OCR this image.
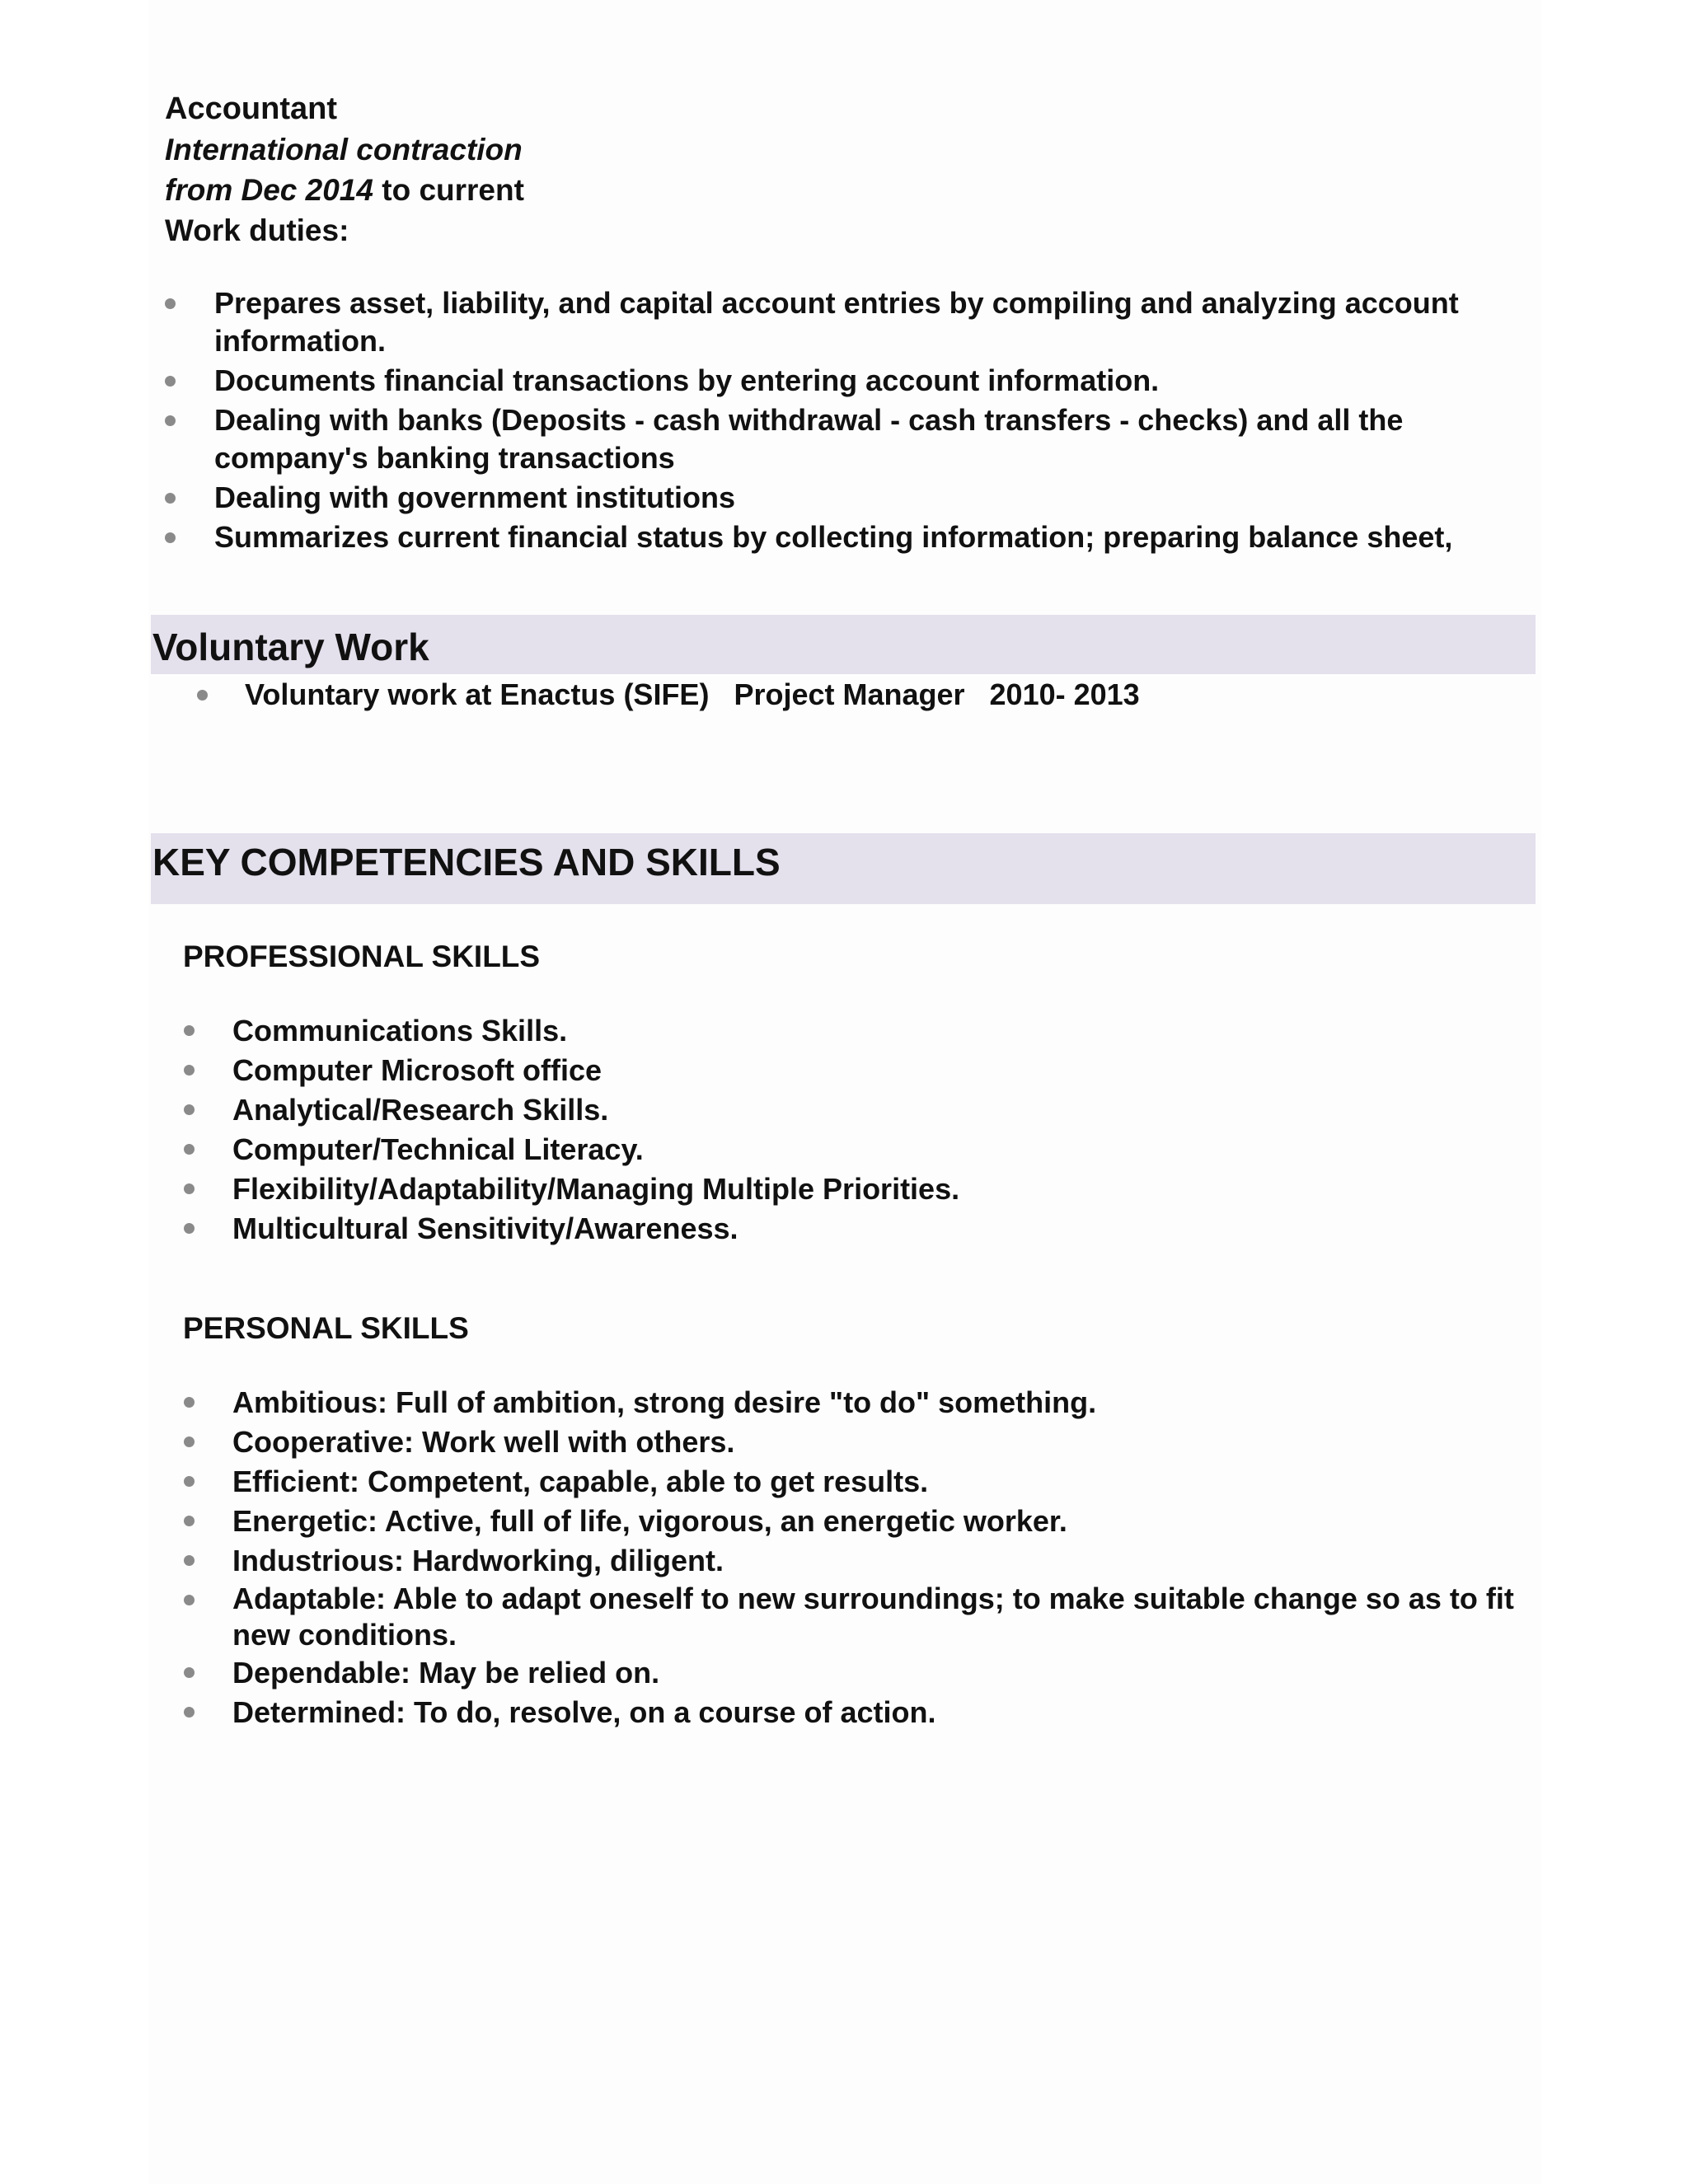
Accountant
International contraction
from Dec 2014 to current
Work duties:
Prepares asset, liability, and capital account entries by compiling and analyzing account information.
Documents financial transactions by entering account information.
Dealing with banks (Deposits - cash withdrawal - cash transfers - checks) and all the company's banking transactions
Dealing with government institutions
Summarizes current financial status by collecting information; preparing balance sheet,
Voluntary Work
Voluntary work at Enactus (SIFE)   Project Manager   2010- 2013
KEY COMPETENCIES AND SKILLS
PROFESSIONAL SKILLS
Communications Skills.
Computer Microsoft office
Analytical/Research Skills.
Computer/Technical Literacy.
Flexibility/Adaptability/Managing Multiple Priorities.
Multicultural Sensitivity/Awareness.
PERSONAL SKILLS
Ambitious: Full of ambition, strong desire "to do" something.
Cooperative: Work well with others.
Efficient: Competent, capable, able to get results.
Energetic: Active, full of life, vigorous, an energetic worker.
Industrious: Hardworking, diligent.
Adaptable: Able to adapt oneself to new surroundings; to make suitable change so as to fit new conditions.
Dependable: May be relied on.
Determined: To do, resolve, on a course of action.
